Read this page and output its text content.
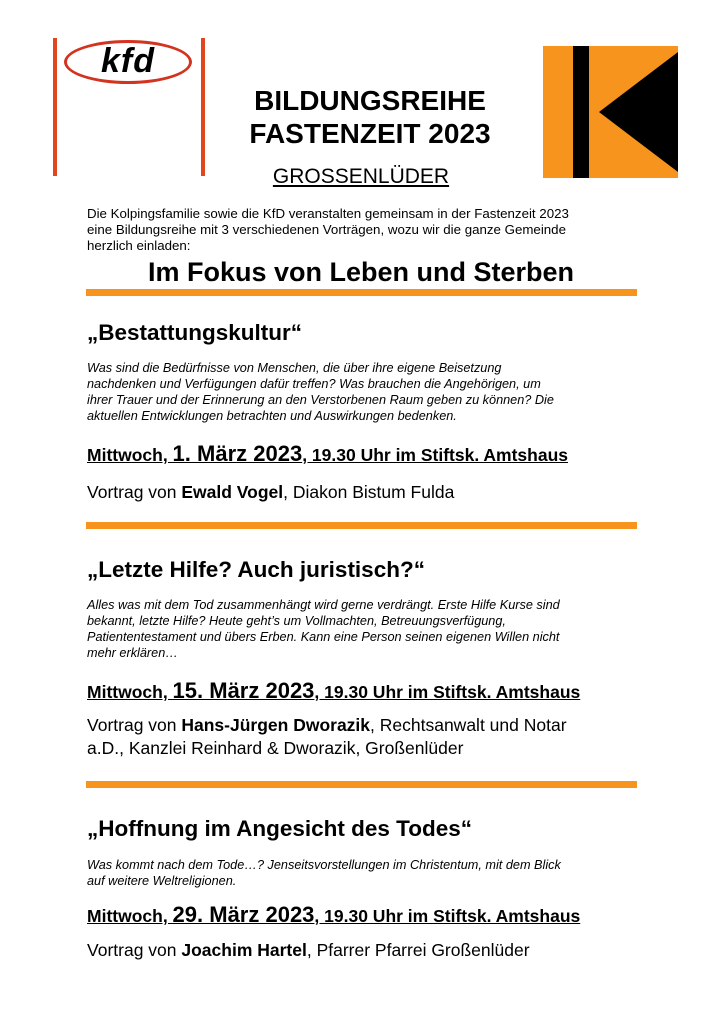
kfd
BILDUNGSREIHE
FASTENZEIT 2023
GROSSENLÜDER
Die Kolpingsfamilie sowie die KfD veranstalten gemeinsam in der Fastenzeit 2023
eine Bildungsreihe mit 3 verschiedenen Vorträgen, wozu wir die ganze Gemeinde
herzlich einladen:
Im Fokus von Leben und Sterben
„Bestattungskultur“
Was sind die Bedürfnisse von Menschen, die über ihre eigene Beisetzung
nachdenken und Verfügungen dafür treffen? Was brauchen die Angehörigen, um
ihrer Trauer und der Erinnerung an den Verstorbenen Raum geben zu können? Die
aktuellen Entwicklungen betrachten und Auswirkungen bedenken.
Mittwoch, 1. März 2023, 19.30 Uhr im Stiftsk. Amtshaus
Vortrag von Ewald Vogel, Diakon Bistum Fulda
„Letzte Hilfe? Auch juristisch?“
Alles was mit dem Tod zusammenhängt wird gerne verdrängt. Erste Hilfe Kurse sind
bekannt, letzte Hilfe? Heute geht’s um Vollmachten, Betreuungsverfügung,
Patiententestament und übers Erben. Kann eine Person seinen eigenen Willen nicht
mehr erklären…
Mittwoch, 15. März 2023, 19.30 Uhr im Stiftsk. Amtshaus
Vortrag von Hans-Jürgen Dworazik, Rechtsanwalt und Notar
a.D., Kanzlei Reinhard & Dworazik, Großenlüder
„Hoffnung im Angesicht des Todes“
Was kommt nach dem Tode…? Jenseitsvorstellungen im Christentum, mit dem Blick
auf weitere Weltreligionen.
Mittwoch, 29. März 2023, 19.30 Uhr im Stiftsk. Amtshaus
Vortrag von Joachim Hartel, Pfarrer Pfarrei Großenlüder
